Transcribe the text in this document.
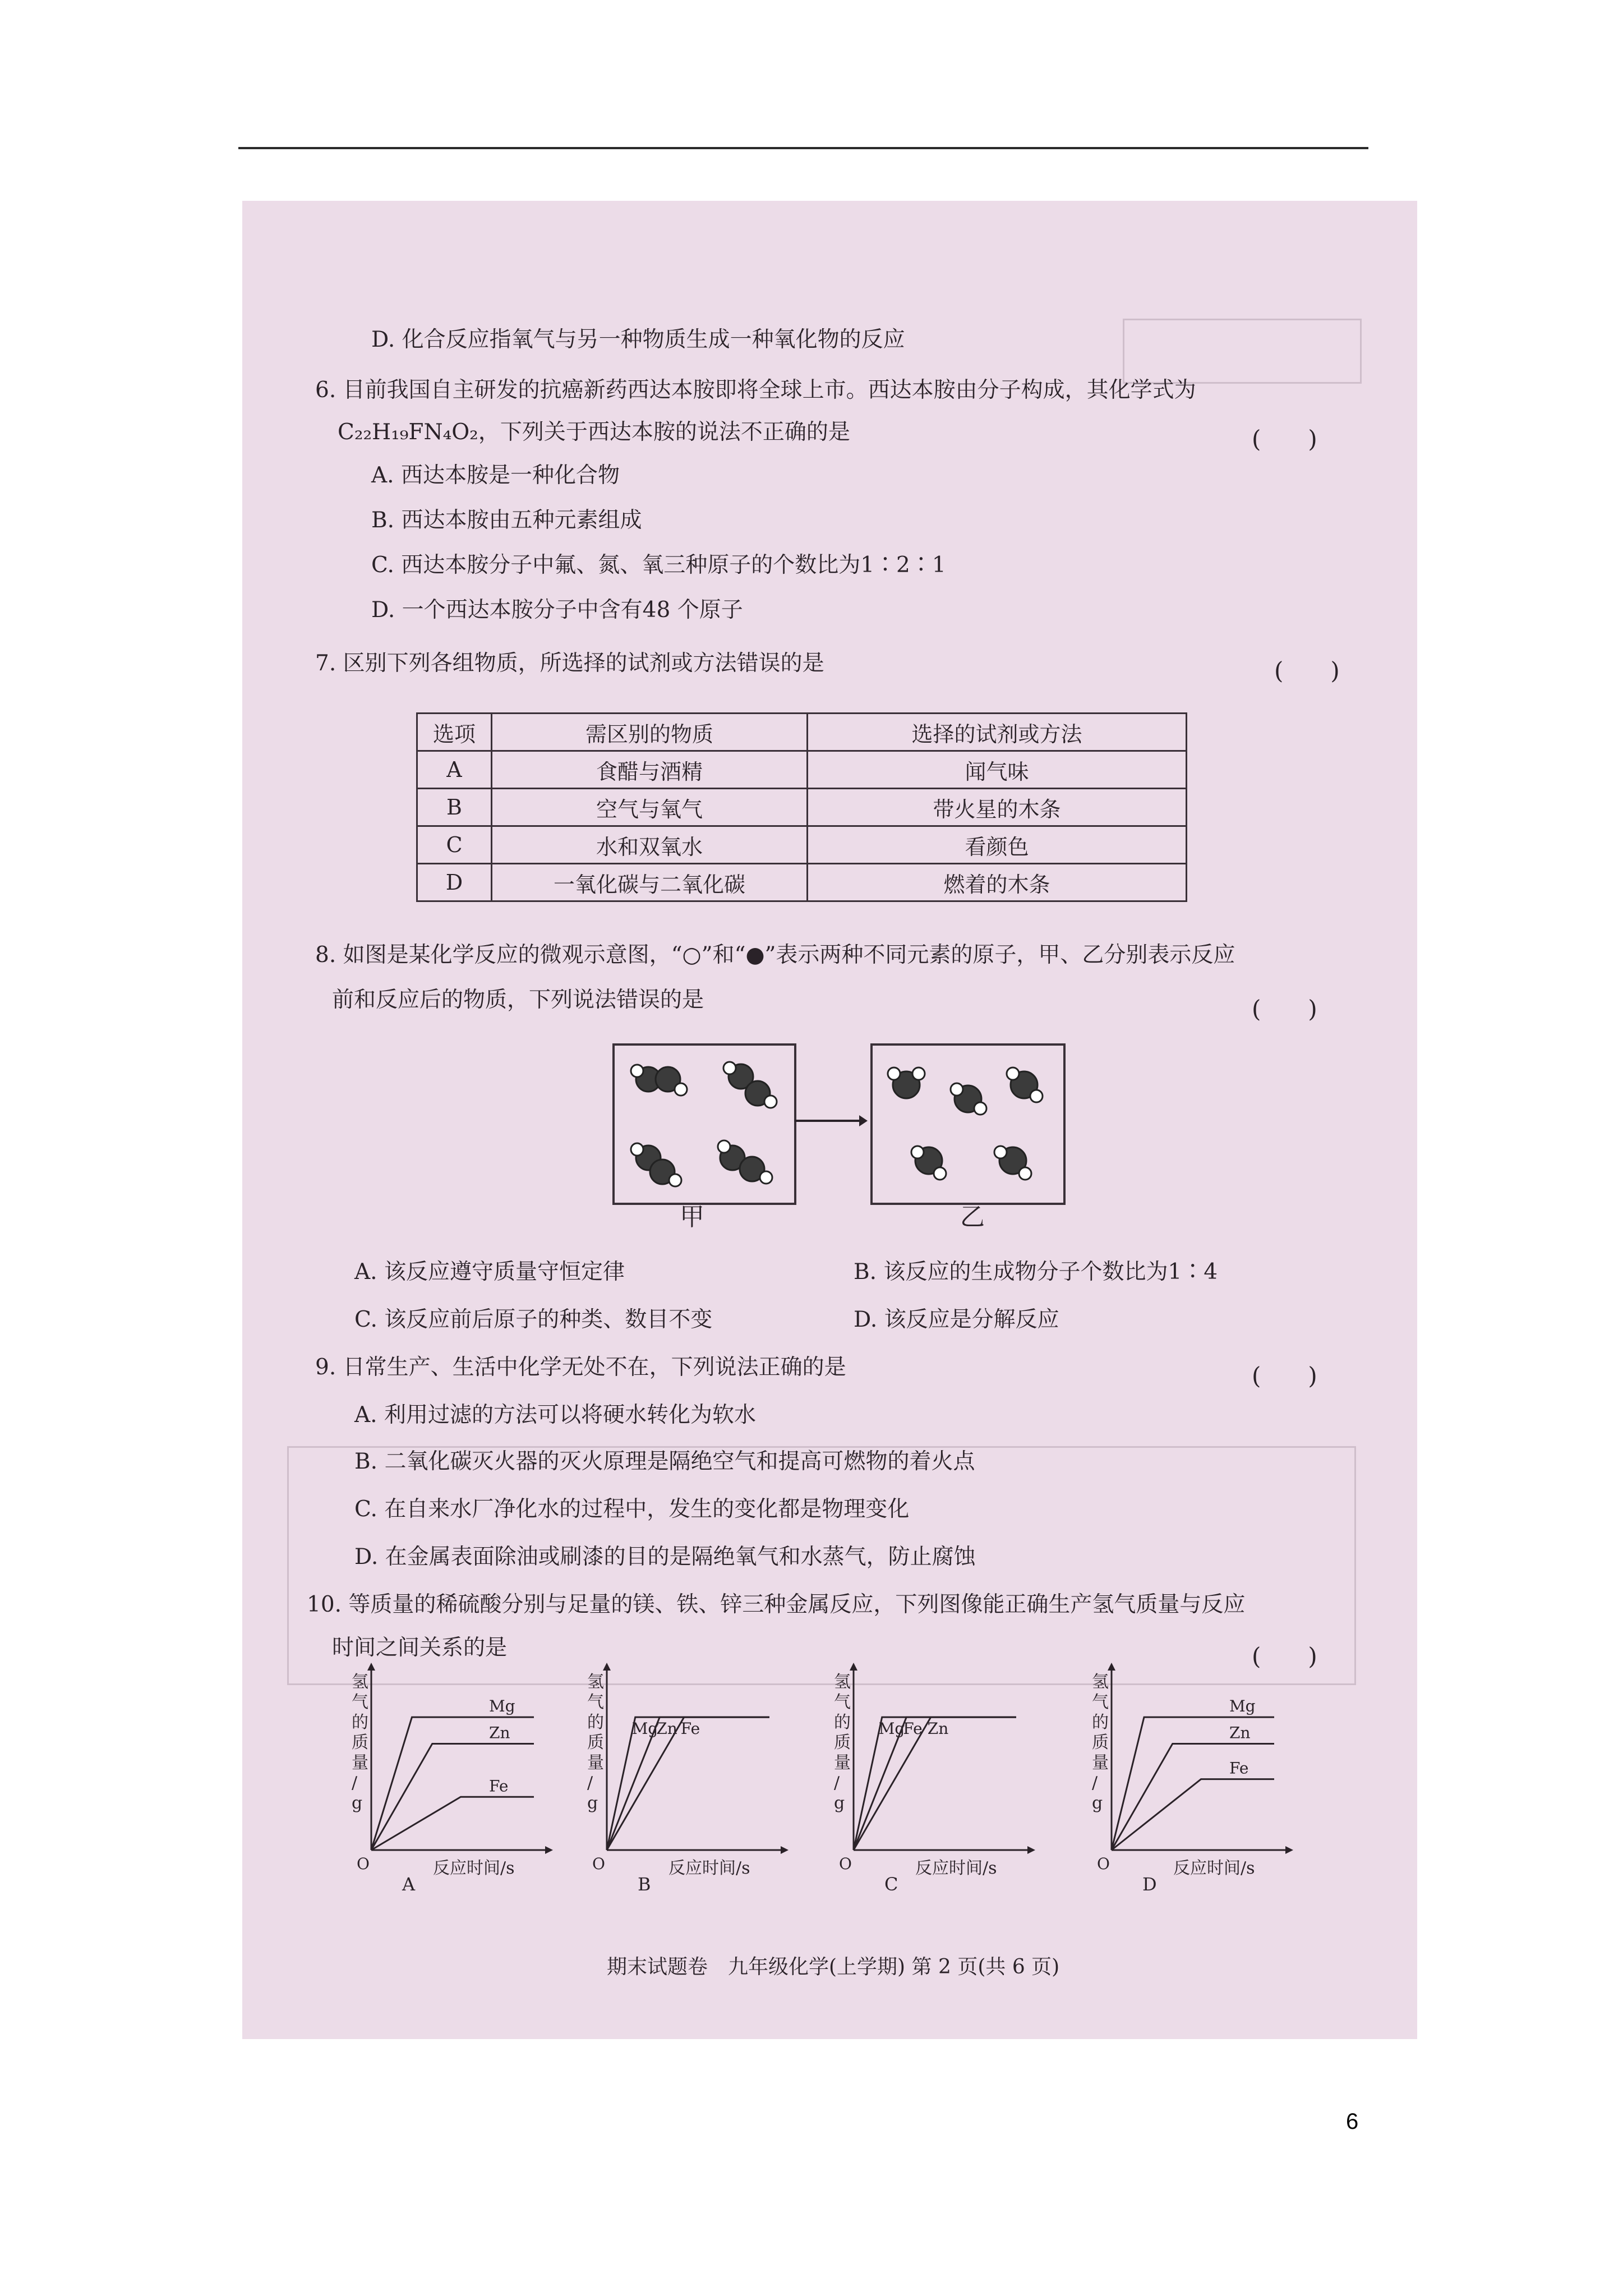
D. 化合反应指氧气与另一种物质生成一种氧化物的反应
6. 目前我国自主研发的抗癌新药西达本胺即将全球上市。西达本胺由分子构成，其化学式为
C₂₂H₁₉FN₄O₂，下列关于西达本胺的说法不正确的是	(　　)
A. 西达本胺是一种化合物
B. 西达本胺由五种元素组成
C. 西达本胺分子中氟、氮、氧三种原子的个数比为1∶2∶1
D. 一个西达本胺分子中含有48 个原子
7. 区别下列各组物质，所选择的试剂或方法错误的是	(　　)
选项	需区别的物质	选择的试剂或方法
A	食醋与酒精	闻气味
B	空气与氧气	带火星的木条
C	水和双氧水	看颜色
D	一氧化碳与二氧化碳	燃着的木条
8. 如图是某化学反应的微观示意图，“○”和“●”表示两种不同元素的原子，甲、乙分别表示反应
前和反应后的物质，下列说法错误的是	(　　)
甲	乙
A. 该反应遵守质量守恒定律	B. 该反应的生成物分子个数比为1∶4
C. 该反应前后原子的种类、数目不变	D. 该反应是分解反应
9. 日常生产、生活中化学无处不在，下列说法正确的是	(　　)
A. 利用过滤的方法可以将硬水转化为软水
B. 二氧化碳灭火器的灭火原理是隔绝空气和提高可燃物的着火点
C. 在自来水厂净化水的过程中，发生的变化都是物理变化
D. 在金属表面除油或刷漆的目的是隔绝氧气和水蒸气，防止腐蚀
10. 等质量的稀硫酸分别与足量的镁、铁、锌三种金属反应，下列图像能正确生产氢气质量与反应
时间之间关系的是	(　　)
氢气的质量/ g
O	反应时间/s
A
Mg
Zn
Fe
氢气的质量/ g
O	反应时间/s
B
Mg
Zn Fe
氢气的质量/ g
O	反应时间/s
C
Mg
Fe Zn
氢气的质量/ g
O	反应时间/s
D
Mg
Zn
Fe
期末试题卷　九年级化学(上学期) 第 2 页(共 6 页)
6
